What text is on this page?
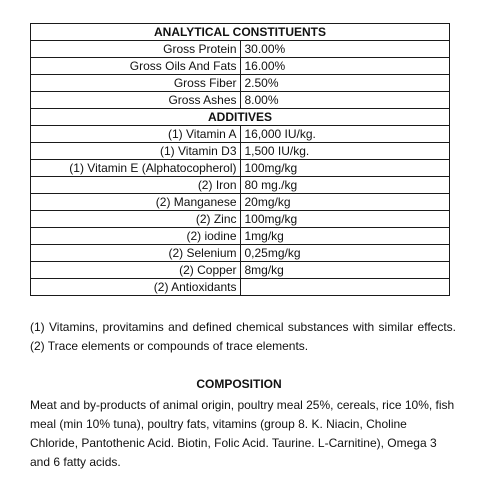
ANALYTICAL CONSTITUENTS	
Gross Protein	30.00%
Gross Oils And Fats	16.00%
Gross Fiber	2.50%
Gross Ashes	8.00%
ADDITIVES	
(1) Vitamin A	16,000 IU/kg.
(1) Vitamin D3	1,500 IU/kg.
(1) Vitamin E (Alphatocopherol)	100mg/kg
(2) Iron	80 mg./kg
(2) Manganese	20mg/kg
(2) Zinc	100mg/kg
(2) iodine	1mg/kg
(2) Selenium	0,25mg/kg
(2) Copper	8mg/kg
(2) Antioxidants	

(1) Vitamins, provitamins and defined chemical substances with similar effects. (2) Trace elements or compounds of trace elements.

COMPOSITION

Meat and by-products of animal origin, poultry meal 25%, cereals, rice 10%, fish meal (min 10% tuna), poultry fats, vitamins (group 8. K. Niacin, Choline Chloride, Pantothenic Acid. Biotin, Folic Acid. Taurine. L-Carnitine), Omega 3 and 6 fatty acids.
